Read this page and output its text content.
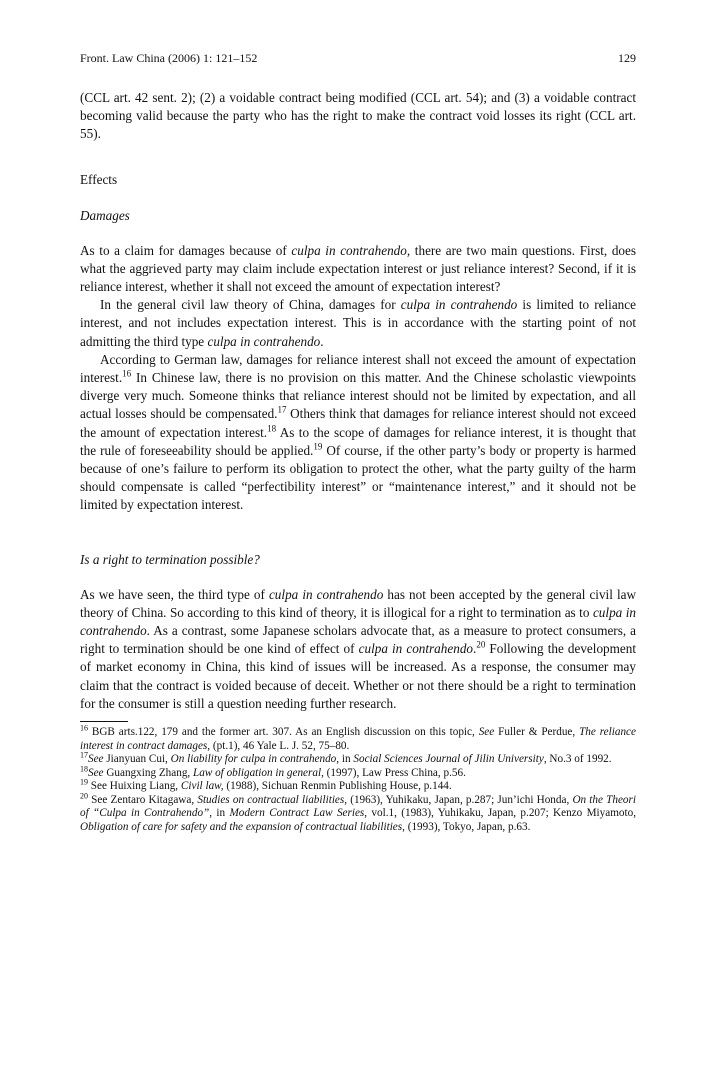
Front. Law China (2006) 1: 121–152	129

(CCL art. 42 sent. 2); (2) a voidable contract being modified (CCL art. 54); and (3) a voidable contract becoming valid because the party who has the right to make the contract void losses its right (CCL art. 55).

Effects

Damages

As to a claim for damages because of culpa in contrahendo, there are two main questions. First, does what the aggrieved party may claim include expectation interest or just reliance interest? Second, if it is reliance interest, whether it shall not exceed the amount of expectation interest?

In the general civil law theory of China, damages for culpa in contrahendo is limited to reliance interest, and not includes expectation interest. This is in accordance with the starting point of not admitting the third type culpa in contrahendo.

According to German law, damages for reliance interest shall not exceed the amount of expectation interest.$^{16}$ In Chinese law, there is no provision on this matter. And the Chinese scholastic viewpoints diverge very much. Someone thinks that reliance interest should not be limited by expectation, and all actual losses should be compensated.$^{17}$ Others think that damages for reliance interest should not exceed the amount of expectation interest.$^{18}$ As to the scope of damages for reliance interest, it is thought that the rule of foreseeability should be applied.$^{19}$ Of course, if the other party’s body or property is harmed because of one’s failure to perform its obligation to protect the other, what the party guilty of the harm should compensate is called “perfectibility interest” or “maintenance interest,” and it should not be limited by expectation interest.

Is a right to termination possible?

As we have seen, the third type of culpa in contrahendo has not been accepted by the general civil law theory of China. So according to this kind of theory, it is illogical for a right to termination as to culpa in contrahendo. As a contrast, some Japanese scholars advocate that, as a measure to protect consumers, a right to termination should be one kind of effect of culpa in contrahendo.$^{20}$ Following the development of market economy in China, this kind of issues will be increased. As a response, the consumer may claim that the contract is voided because of deceit. Whether or not there should be a right to termination for the consumer is still a question needing further research.

$^{16}$ BGB arts.122, 179 and the former art. 307. As an English discussion on this topic, See Fuller & Perdue, The reliance interest in contract damages, (pt.1), 46 Yale L. J. 52, 75–80.

$^{17}$See Jianyuan Cui, On liability for culpa in contrahendo, in Social Sciences Journal of Jilin University, No.3 of 1992.

$^{18}$See Guangxing Zhang, Law of obligation in general, (1997), Law Press China, p.56.

$^{19}$ See Huixing Liang, Civil law, (1988), Sichuan Renmin Publishing House, p.144.

$^{20}$ See Zentaro Kitagawa, Studies on contractual liabilities, (1963), Yuhikaku, Japan, p.287; Jun’ichi Honda, On the Theori of “Culpa in Contrahendo”, in Modern Contract Law Series, vol.1, (1983), Yuhikaku, Japan, p.207; Kenzo Miyamoto, Obligation of care for safety and the expansion of contractual liabilities, (1993), Tokyo, Japan, p.63.
